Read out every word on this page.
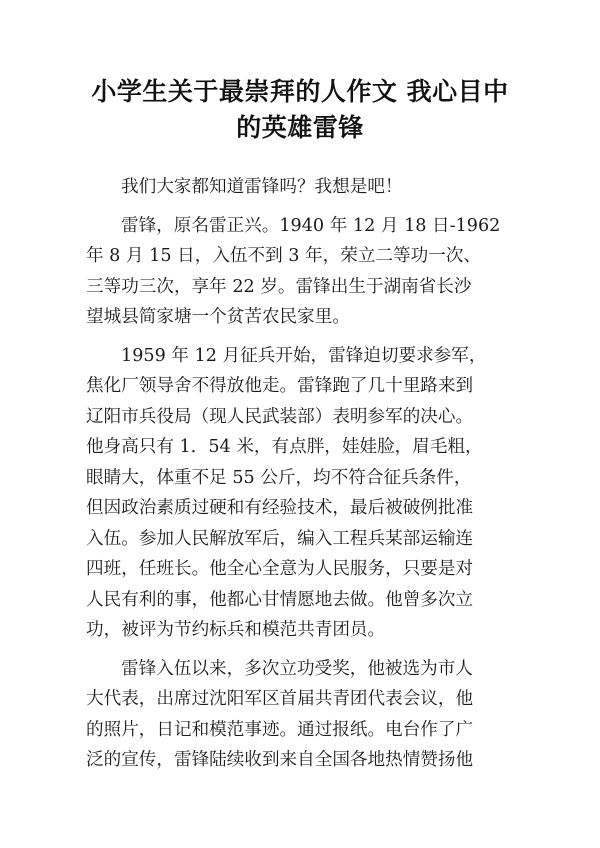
小学生关于最崇拜的人作文 我心目中
的英雄雷锋
我们大家都知道雷锋吗？我想是吧！
雷锋，原名雷正兴。1940 年 12 月 18 日-1962
年 8 月 15 日，入伍不到 3 年，荣立二等功一次、
三等功三次，享年 22 岁。雷锋出生于湖南省长沙
望城县简家塘一个贫苦农民家里。
1959 年 12 月征兵开始，雷锋迫切要求参军，
焦化厂领导舍不得放他走。雷锋跑了几十里路来到
辽阳市兵役局（现人民武装部）表明参军的决心。
他身高只有 1．54 米，有点胖，娃娃脸，眉毛粗，
眼睛大，体重不足 55 公斤，均不符合征兵条件，
但因政治素质过硬和有经验技术，最后被破例批准
入伍。参加人民解放军后，编入工程兵某部运输连
四班，任班长。他全心全意为人民服务，只要是对
人民有利的事，他都心甘情愿地去做。他曾多次立
功，被评为节约标兵和模范共青团员。
雷锋入伍以来，多次立功受奖，他被选为市人
大代表，出席过沈阳军区首届共青团代表会议，他
的照片，日记和模范事迹。通过报纸。电台作了广
泛的宣传，雷锋陆续收到来自全国各地热情赞扬他
